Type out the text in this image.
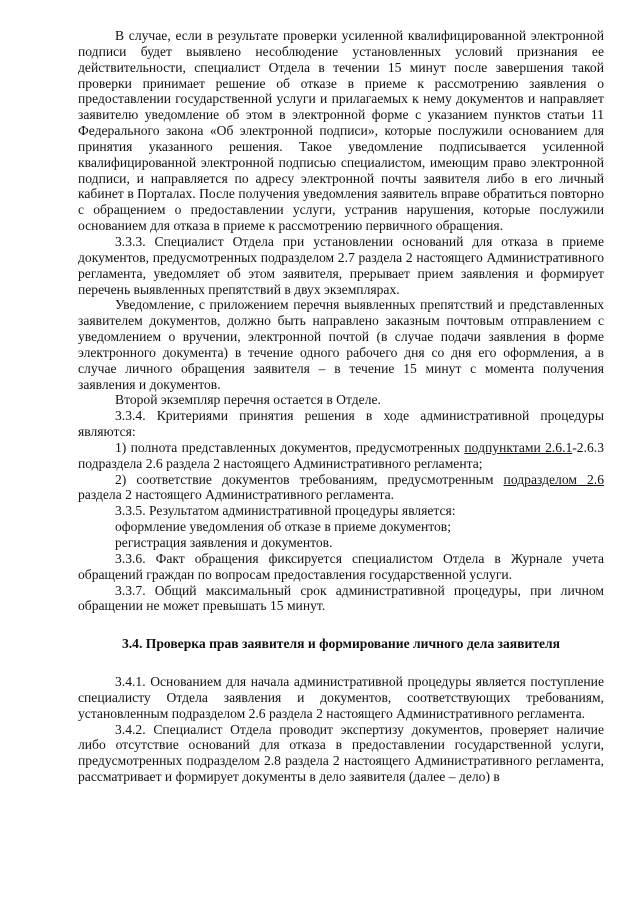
В случае, если в результате проверки усиленной квалифицированной электронной подписи будет выявлено несоблюдение установленных условий признания ее действительности, специалист Отдела в течении 15 минут после завершения такой проверки принимает решение об отказе в приеме к рассмотрению заявления о предоставлении государственной услуги и прилагаемых к нему документов и направляет заявителю уведомление об этом в электронной форме с указанием пунктов статьи 11 Федерального закона «Об электронной подписи», которые послужили основанием для принятия указанного решения. Такое уведомление подписывается усиленной квалифицированной электронной подписью специалистом, имеющим право электронной подписи, и направляется по адресу электронной почты заявителя либо в его личный кабинет в Порталах. После получения уведомления заявитель вправе обратиться повторно с обращением о предоставлении услуги, устранив нарушения, которые послужили основанием для отказа в приеме к рассмотрению первичного обращения.

3.3.3. Специалист Отдела при установлении оснований для отказа в приеме документов, предусмотренных подразделом 2.7 раздела 2 настоящего Административного регламента, уведомляет об этом заявителя, прерывает прием заявления и формирует перечень выявленных препятствий в двух экземплярах.

Уведомление, с приложением перечня выявленных препятствий и представленных заявителем документов, должно быть направлено заказным почтовым отправлением с уведомлением о вручении, электронной почтой (в случае подачи заявления в форме электронного документа) в течение одного рабочего дня со дня его оформления, а в случае личного обращения заявителя – в течение 15 минут с момента получения заявления и документов.

Второй экземпляр перечня остается в Отделе.

3.3.4. Критериями принятия решения в ходе административной процедуры являются:

1) полнота представленных документов, предусмотренных подпунктами 2.6.1-2.6.3 подраздела 2.6 раздела 2 настоящего Административного регламента;

2) соответствие документов требованиям, предусмотренным подразделом 2.6 раздела 2 настоящего Административного регламента.

3.3.5. Результатом административной процедуры является:

оформление уведомления об отказе в приеме документов;

регистрация заявления и документов.

3.3.6. Факт обращения фиксируется специалистом Отдела в Журнале учета обращений граждан по вопросам предоставления государственной услуги.

3.3.7. Общий максимальный срок административной процедуры, при личном обращении не может превышать 15 минут.

3.4. Проверка прав заявителя и формирование личного дела заявителя

3.4.1. Основанием для начала административной процедуры является поступление специалисту Отдела заявления и документов, соответствующих требованиям, установленным подразделом 2.6 раздела 2 настоящего Административного регламента.

3.4.2. Специалист Отдела проводит экспертизу документов, проверяет наличие либо отсутствие оснований для отказа в предоставлении государственной услуги, предусмотренных подразделом 2.8 раздела 2 настоящего Административного регламента, рассматривает и формирует документы в дело заявителя (далее – дело) в
